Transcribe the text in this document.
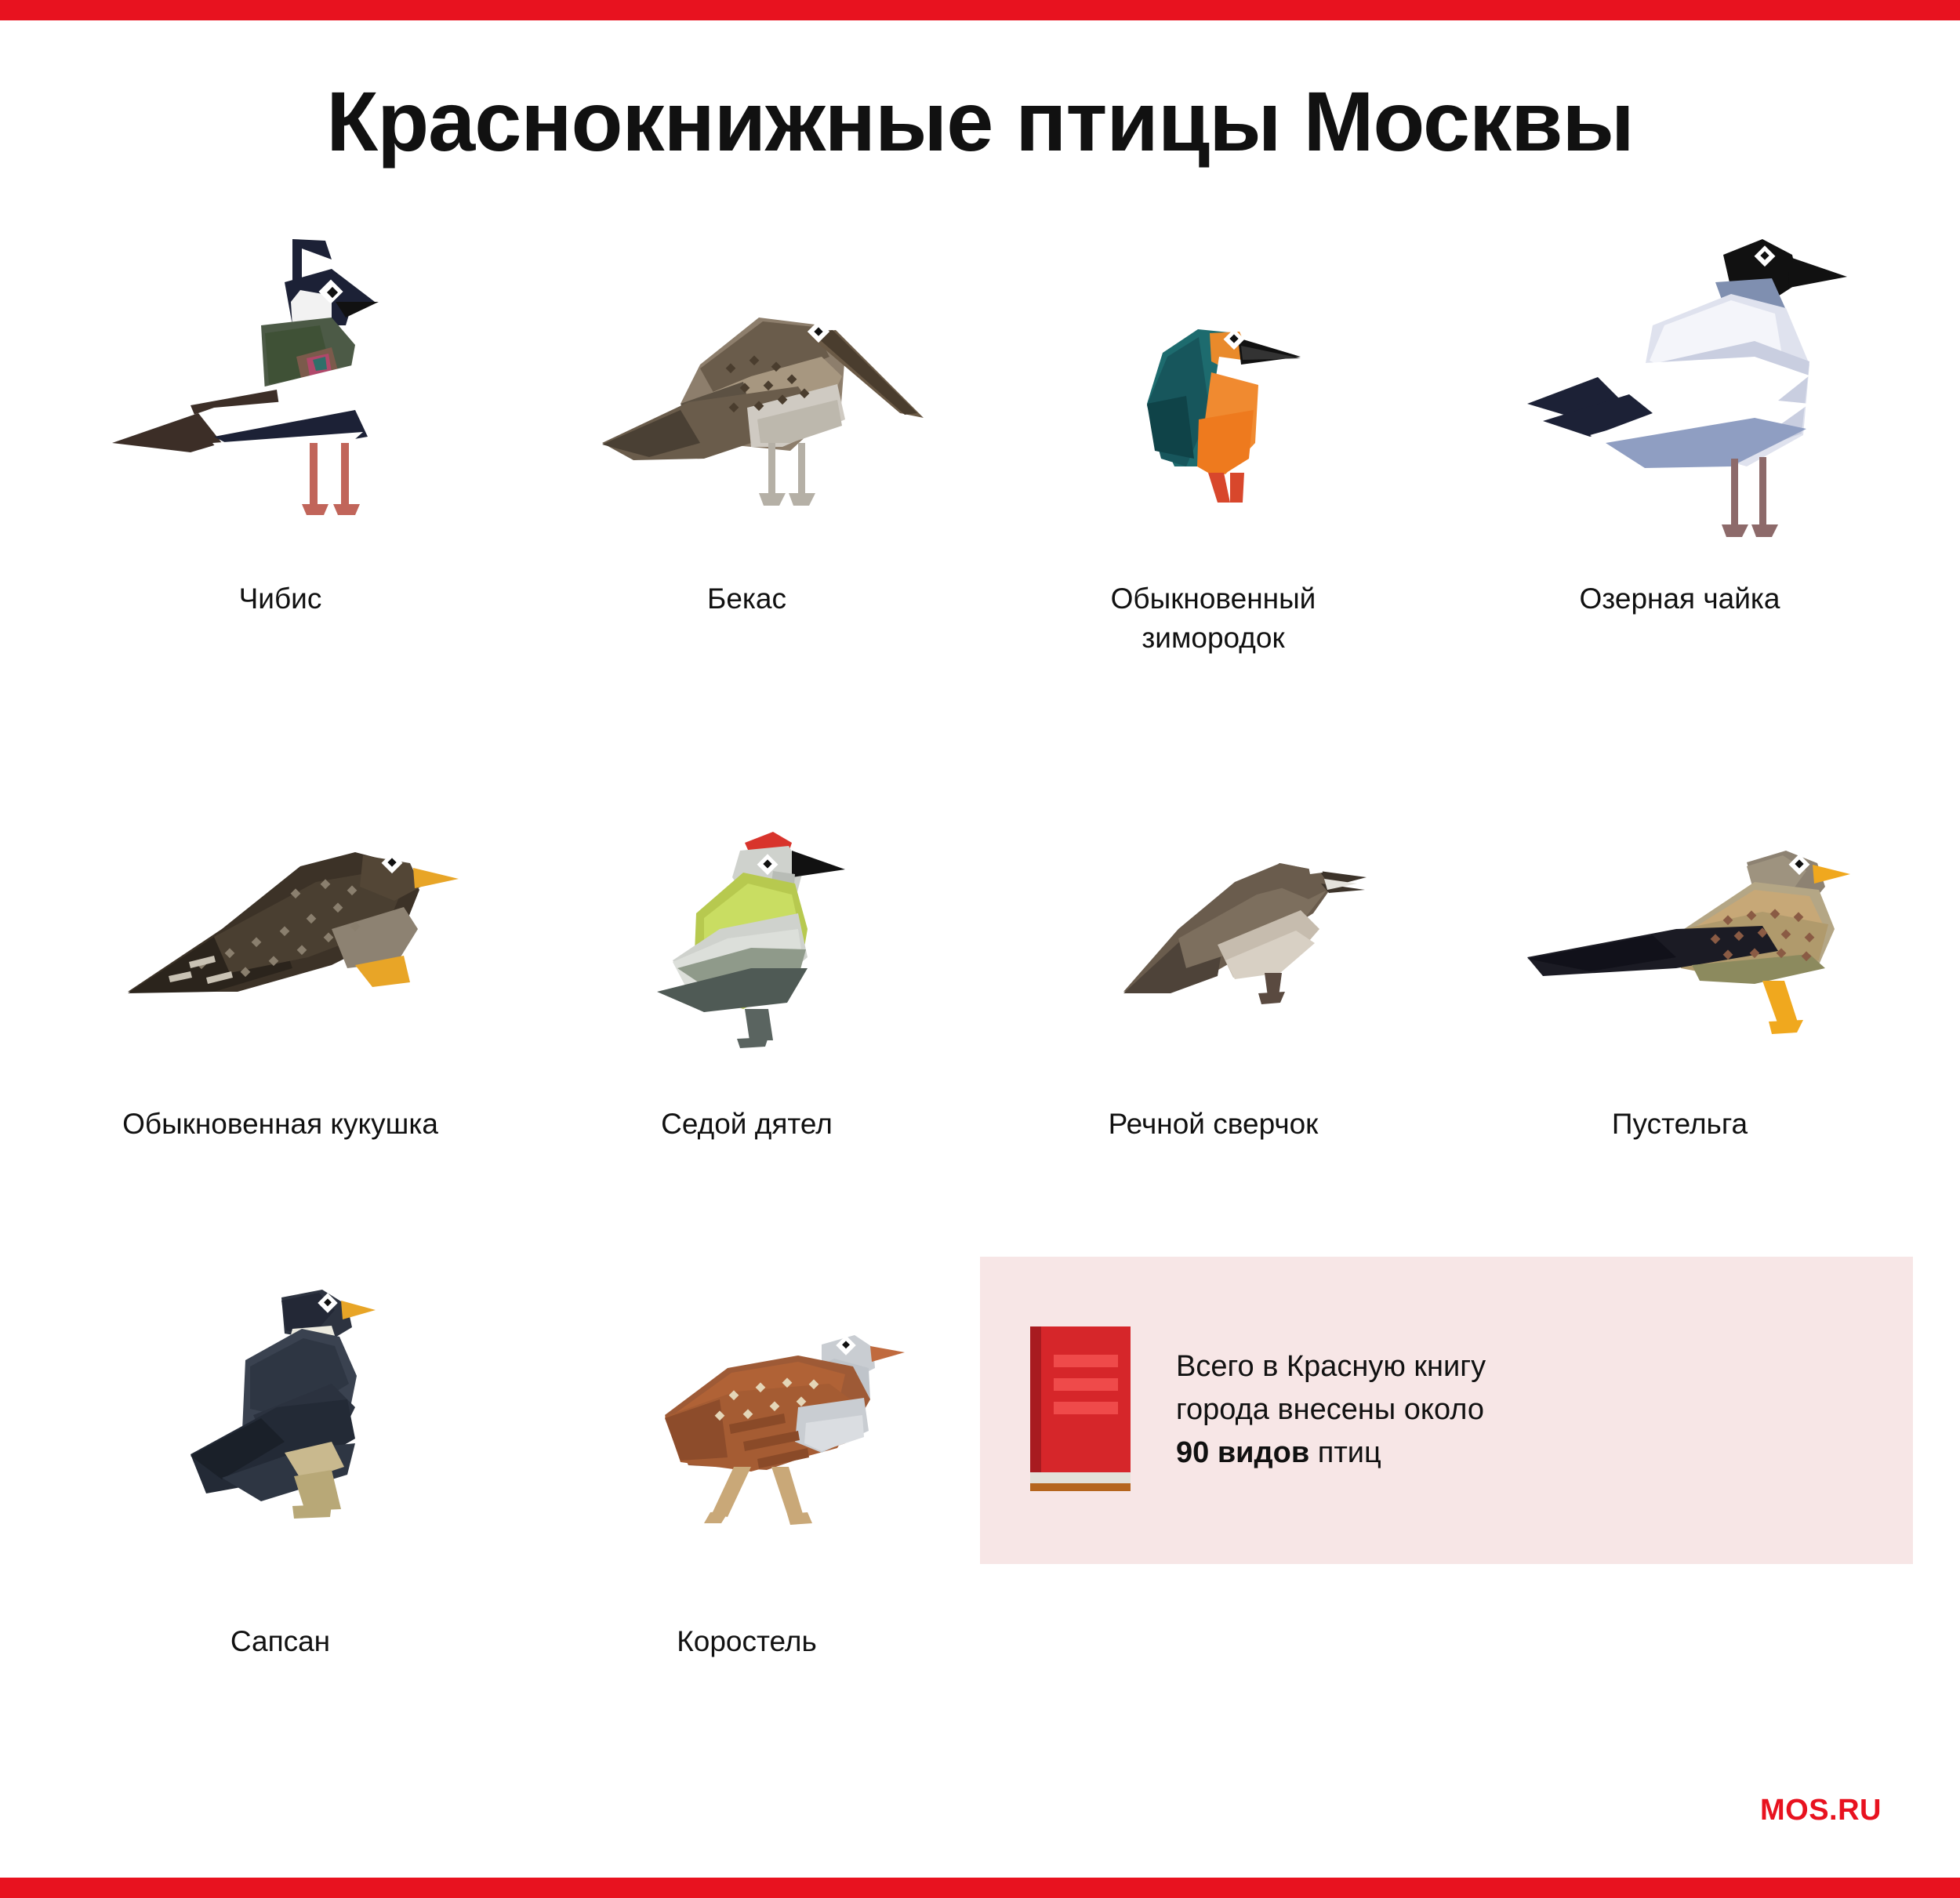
Краснокнижные птицы Москвы
Чибис	Бекас	Обыкновенный зимородок
Озерная чайка
Обыкновенная кукушка	Седой дятел	Речной сверчок	Пустельга
Сапсан	Коростель
Всего в Красную книгу
города внесены около
90 видов птиц
MOS.RU
